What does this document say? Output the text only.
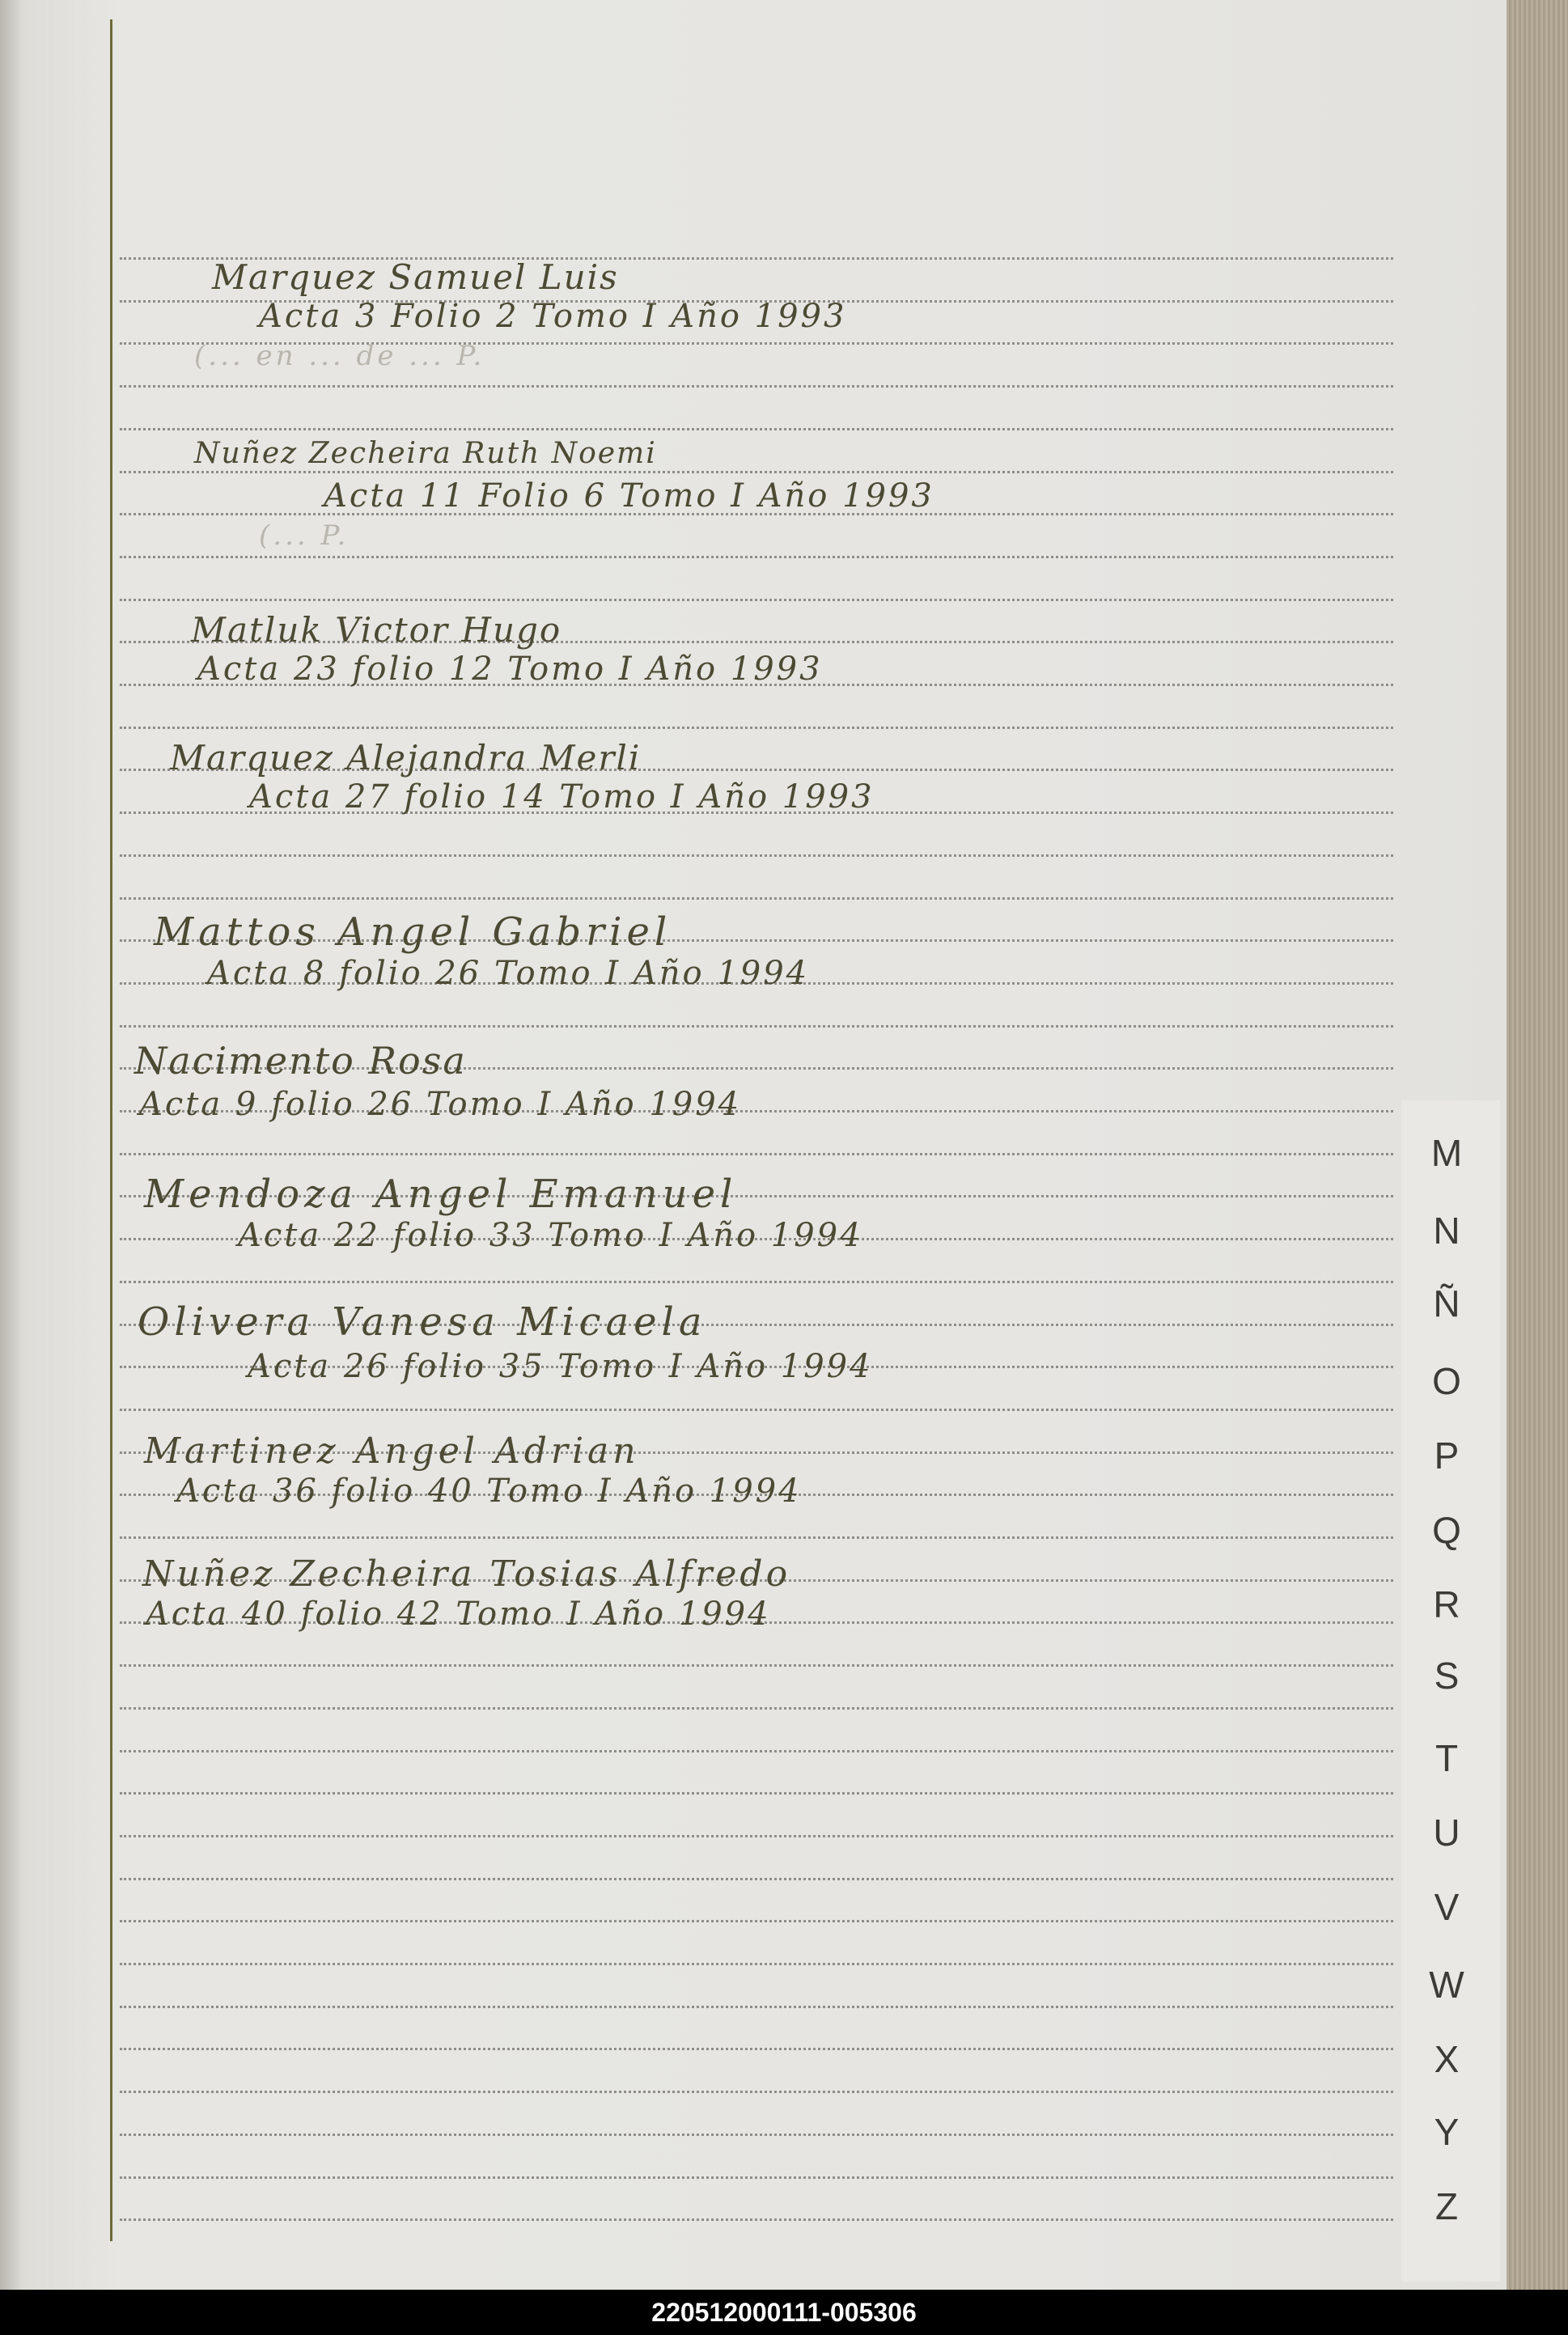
Marquez Samuel Luis
Acta 3 Folio 2 Tomo I Año 1993
(... en ... de ... P.
Nuñez Zecheira Ruth Noemi
Acta 11 Folio 6 Tomo I Año 1993
(... P.
Matluk Victor Hugo
Acta 23 folio 12 Tomo I Año 1993
Marquez Alejandra Merli
Acta 27 folio 14 Tomo I Año 1993
Mattos Angel Gabriel
Acta 8 folio 26 Tomo I Año 1994
Nacimento Rosa
Acta 9 folio 26 Tomo I Año 1994
Mendoza Angel Emanuel
Acta 22 folio 33 Tomo I Año 1994
Olivera Vanesa Micaela
Acta 26 folio 35 Tomo I Año 1994
Martinez Angel Adrian
Acta 36 folio 40 Tomo I Año 1994
Nuñez Zecheira Tosias Alfredo
Acta 40 folio 42 Tomo I Año 1994
M
N
Ñ
O
P
Q
R
S
T
U
V
W
X
Y
Z
220512000111-005306
